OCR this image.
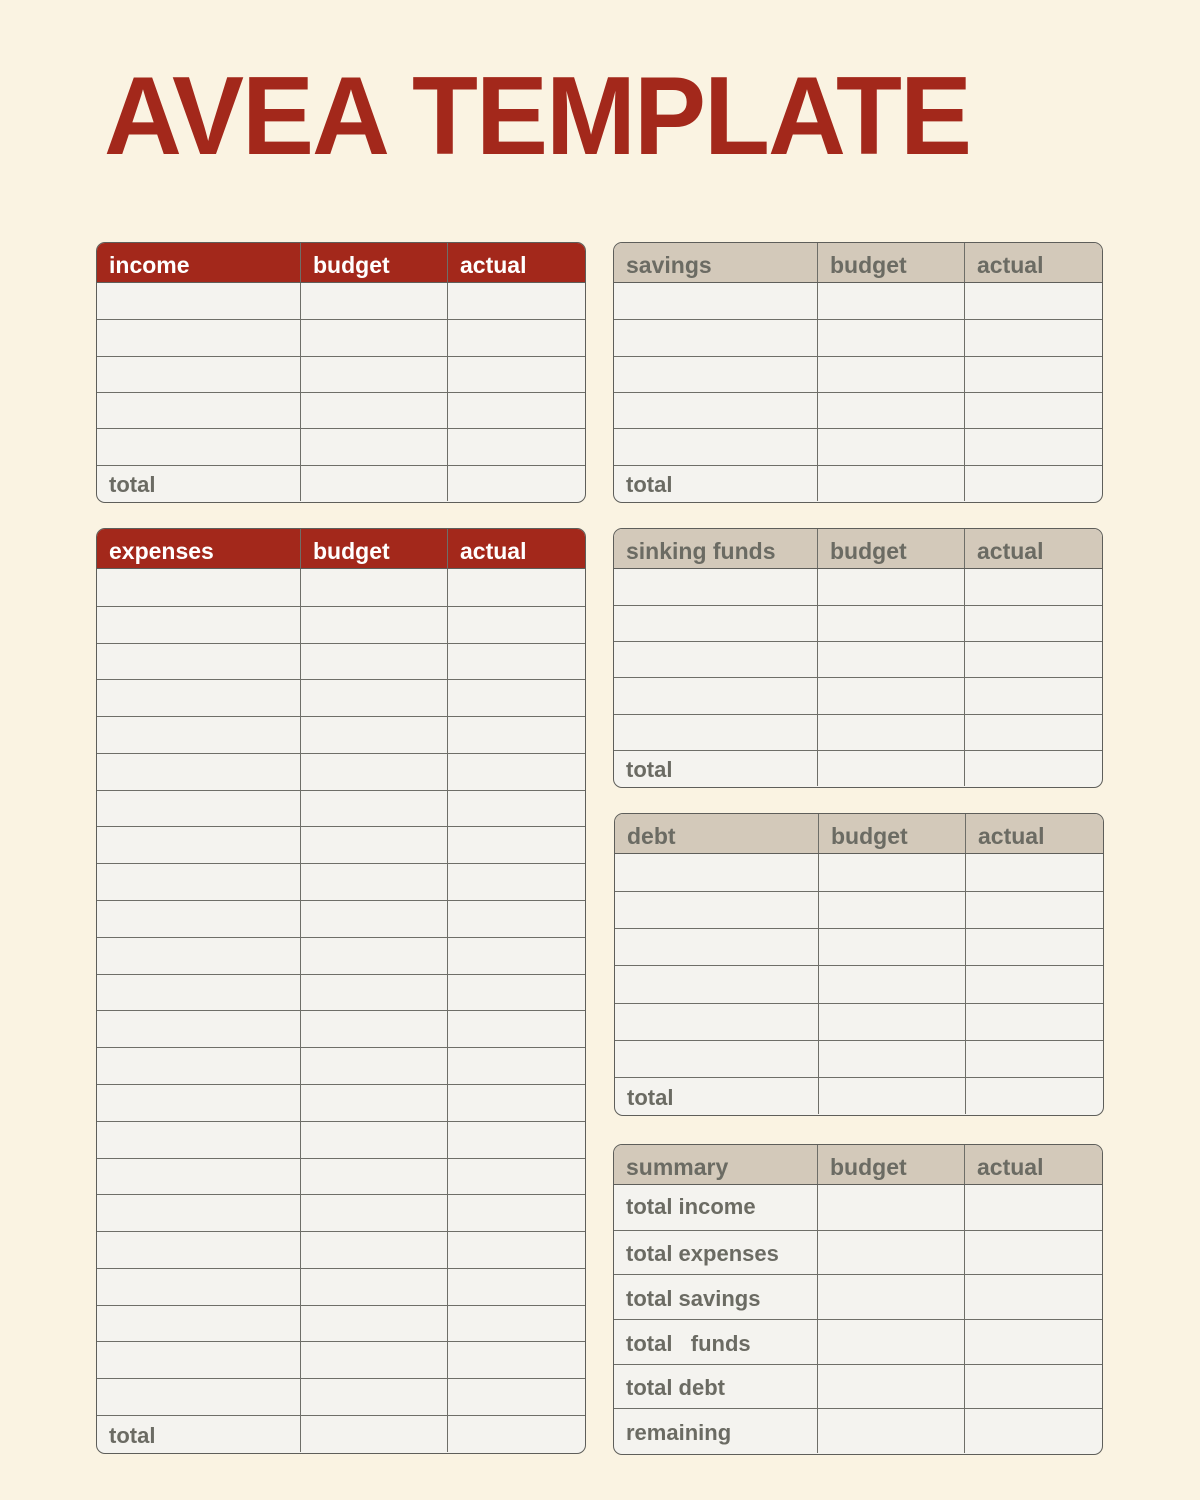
AVEA TEMPLATE
income	budget	actual
total
expenses	budget	actual
total
savings	budget	actual
total
sinking funds	budget	actual
total
debt	budget	actual
total
summary	budget	actual
total income
total expenses
total savings
total   funds
total debt
remaining
